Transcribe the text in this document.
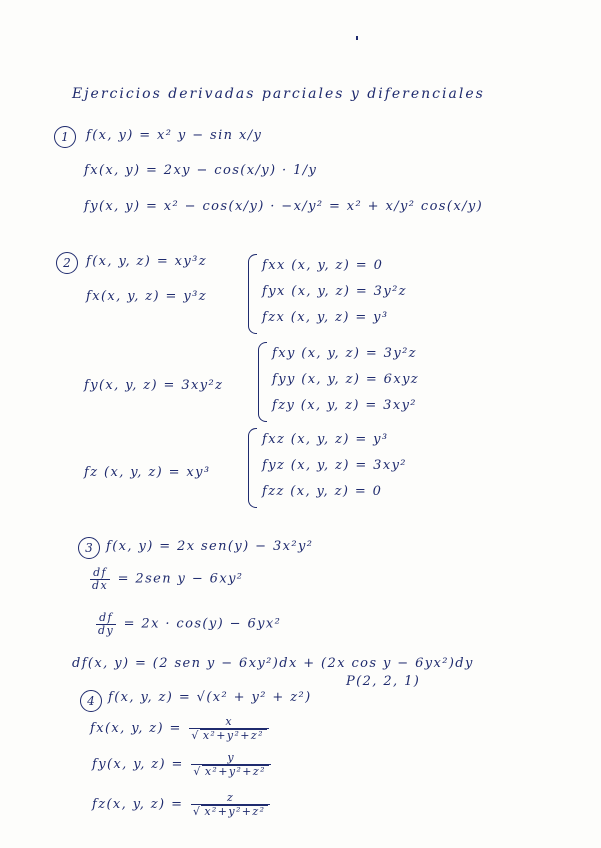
Ejercicios derivadas parciales y diferenciales
1	f(x, y) = x² y − sin x/y
fx(x, y) = 2xy − cos(x/y) · 1/y
fy(x, y) = x² − cos(x/y) · −x/y² = x² + x/y² cos(x/y)
2	f(x, y, z) = xy³z
fx(x, y, z) = y³z
fxx (x, y, z) = 0
fyx (x, y, z) = 3y²z
fzx (x, y, z) = y³
fy(x, y, z) = 3xy²z
fxy (x, y, z) = 3y²z
fyy (x, y, z) = 6xyz
fzy (x, y, z) = 3xy²
fz (x, y, z) = xy³
fxz (x, y, z) = y³
fyz (x, y, z) = 3xy²
fzz (x, y, z) = 0
3	f(x, y) = 2x sen(y) − 3x²y²
$\frac{df}{dx} = 2sen$ y − 6xy²
$\frac{df}{dy} = 2x \cdot \cos(y) - 6yx^2$
df(x, y) = (2 sen y − 6xy²)dx + (2x cos y − 6yx²)dy
4	f(x, y, z) = √(x² + y² + z²)
P(2, 2, 1)
fx(x, y, $z) = \frac{x}{\text{√ x²+y²+z²}}$
fy(x, y, $z) = \frac{y}{\text{√ x²+y²+z²}}$
fz(x, y, $z) = \frac{z}{\text{√ x²+y²+z²}}$
